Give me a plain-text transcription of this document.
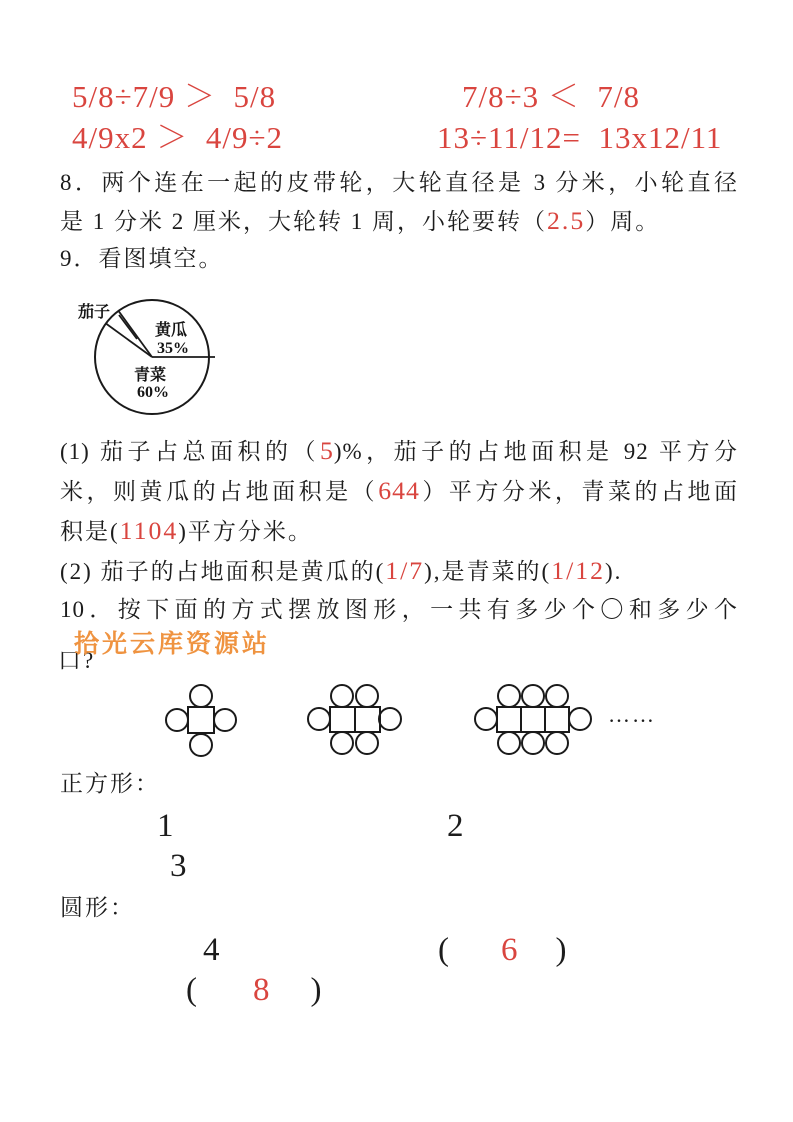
5/8÷7/9 ＞  5/8	7/8÷3 ＜  7/8
4/9x2 ＞  4/9÷2	13÷11/12=  13x12/11
8．两个连在一起的皮带轮，大轮直径是 3 分米，小轮直径
是 1 分米 2 厘米，大轮转 1 周，小轮要转（2.5）周。
9．看图填空。
茄子
黄瓜
35%
青菜
60%
(1) 茄子占总面积的（5)%，茄子的占地面积是 92 平方分
米，则黄瓜的占地面积是（644）平方分米，青菜的占地面
积是(1104)平方分米。
(2) 茄子的占地面积是黄瓜的(1/7),是青菜的(1/12).
10．按下面的方式摆放图形，一共有多少个〇和多少个
拾光云库资源站
口?
……
正方形：
1	2
3
圆形：
4	( 6 )
( 8 )
